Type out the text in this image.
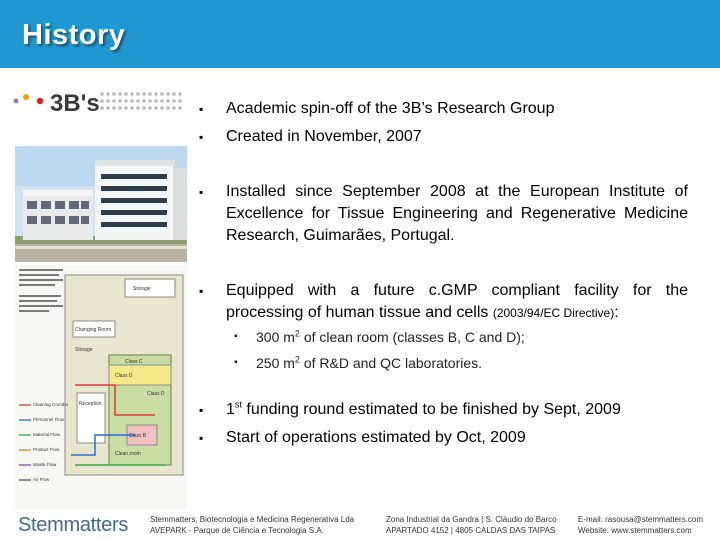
History
3B's
Storage
Changing Room
Reception
Class C
Class D
Class B
Class D
Clean room
Storage
Cleaning Corridor
Personnel Flow
Material Flow
Product Flow
Waste Flow
Air Flow
▪ Academic spin-off of the 3B’s Research Group
▪ Created in November, 2007
▪ Installed since September 2008 at the European Institute of Excellence for Tissue Engineering and Regenerative Medicine Research, Guimarães, Portugal.
▪ Equipped with a future c.GMP compliant facility for the processing of human tissue and cells (2003/94/EC Directive):
▪ 300 $m^2$ of clean room (classes B, C and D);
▪ 250 $m^2$ of R&D and QC laboratories.
▪ 1st funding round estimated to be finished by Sept, 2009
▪ Start of operations estimated by Oct, 2009
Stemmatters	Stemmatters, Biotecnologia e Medicina Regenerativa Lda
AVEPARK - Parque de Ciência e Tecnologia S.A.
Zona Industrial da Gandra | S. Cláudio do Barco
APARTADO 4152 | 4805 CALDAS DAS TAIPAS
E-mail: rasousa@stemmatters.com
Website: www.stemmatters.com
